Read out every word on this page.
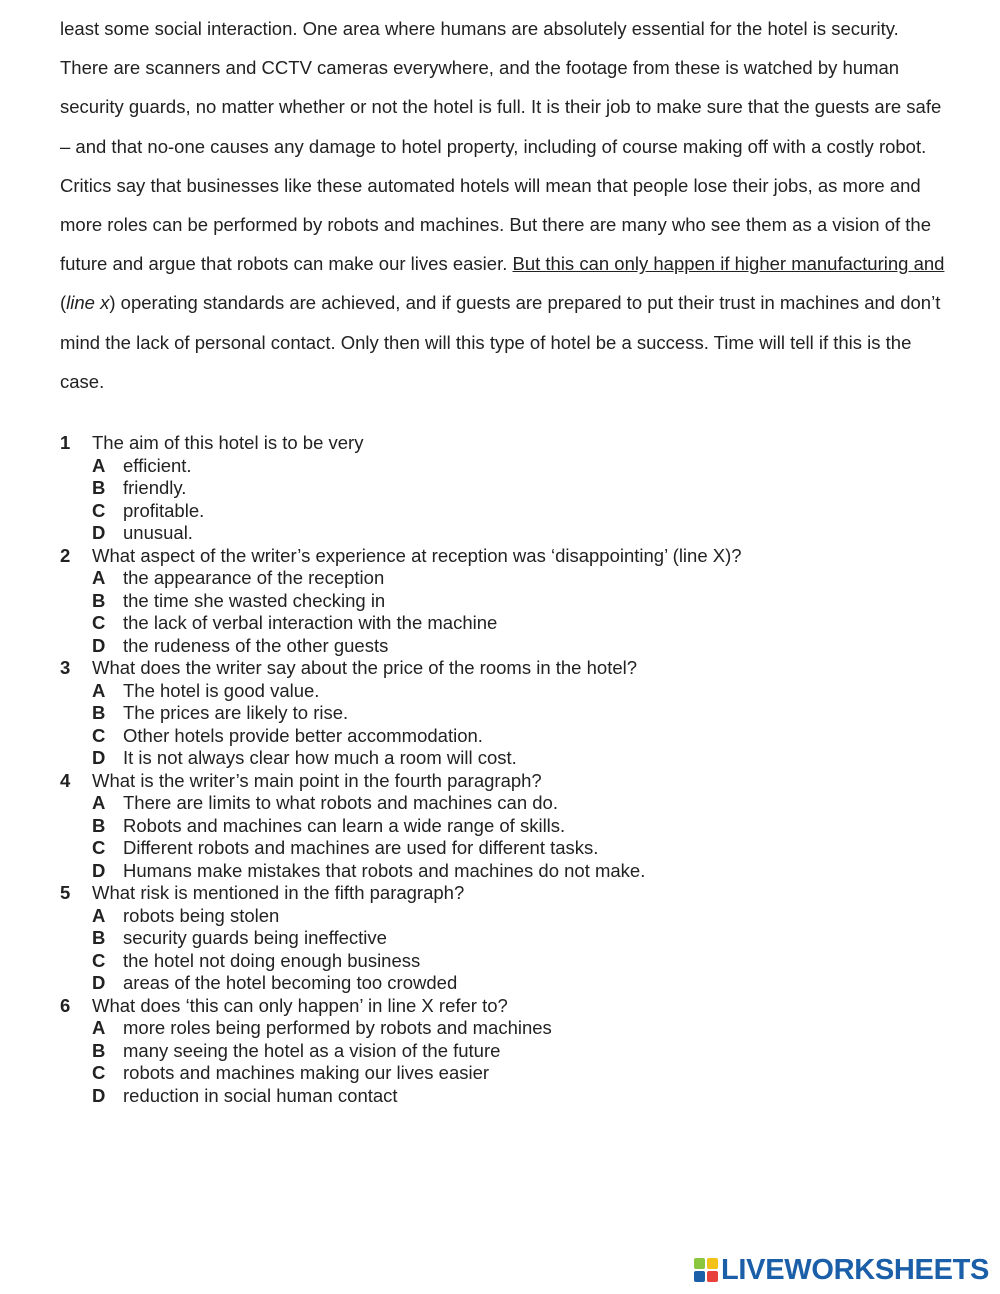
least some social interaction. One area where humans are absolutely essential for the hotel is security. There are scanners and CCTV cameras everywhere, and the footage from these is watched by human security guards, no matter whether or not the hotel is full. It is their job to make sure that the guests are safe – and that no-one causes any damage to hotel property, including of course making off with a costly robot.

Critics say that businesses like these automated hotels will mean that people lose their jobs, as more and more roles can be performed by robots and machines. But there are many who see them as a vision of the future and argue that robots can make our lives easier. But this can only happen if higher manufacturing and (line x) operating standards are achieved, and if guests are prepared to put their trust in machines and don’t mind the lack of personal contact. Only then will this type of hotel be a success. Time will tell if this is the case.

1	The aim of this hotel is to be very
A efficient.
B friendly.
C profitable.
D unusual.
2	What aspect of the writer’s experience at reception was ‘disappointing’ (line X)?
A the appearance of the reception
B the time she wasted checking in
C the lack of verbal interaction with the machine
D the rudeness of the other guests
3	What does the writer say about the price of the rooms in the hotel?
A The hotel is good value.
B The prices are likely to rise.
C Other hotels provide better accommodation.
D It is not always clear how much a room will cost.
4	What is the writer’s main point in the fourth paragraph?
A There are limits to what robots and machines can do.
B Robots and machines can learn a wide range of skills.
C Different robots and machines are used for different tasks.
D Humans make mistakes that robots and machines do not make.
5	What risk is mentioned in the fifth paragraph?
A robots being stolen
B security guards being ineffective
C the hotel not doing enough business
D areas of the hotel becoming too crowded
6	What does ‘this can only happen’ in line X refer to?
A more roles being performed by robots and machines
B many seeing the hotel as a vision of the future
C robots and machines making our lives easier
D reduction in social human contact
LIVEWORKSHEETS
